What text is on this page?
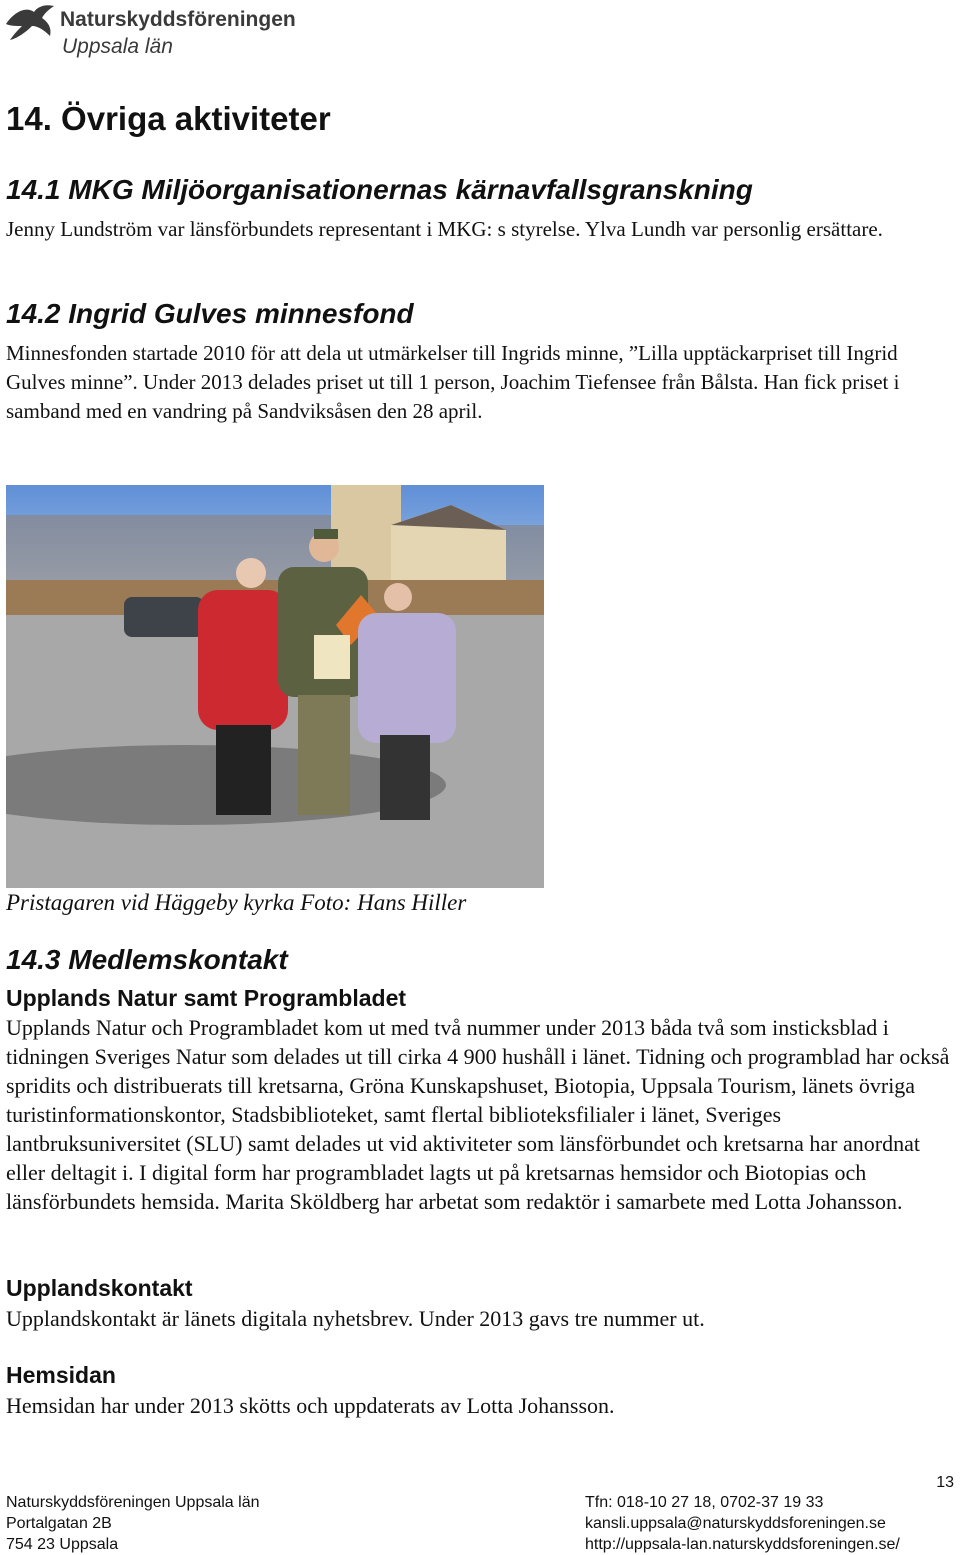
Naturskyddsföreningen
Uppsala län
14. Övriga aktiviteter
14.1 MKG Miljöorganisationernas kärnavfallsgranskning

Jenny Lundström var länsförbundets representant i MKG: s styrelse. Ylva Lundh var personlig ersättare.

14.2 Ingrid Gulves minnesfond

Minnesfonden startade 2010 för att dela ut utmärkelser till Ingrids minne, ”Lilla upptäckarpriset till Ingrid Gulves minne”. Under 2013 delades priset ut till 1 person, Joachim Tiefensee från Bålsta. Han fick priset i samband med en vandring på Sandviksåsen den 28 april.

Pristagaren vid Häggeby kyrka Foto: Hans Hiller
14.3 Medlemskontakt
Upplands Natur samt Programbladet

Upplands Natur och Programbladet kom ut med två nummer under 2013 båda två som insticksblad i tidningen Sveriges Natur som delades ut till cirka 4 900 hushåll i länet. Tidning och programblad har också spridits och distribuerats till kretsarna, Gröna Kunskapshuset, Biotopia, Uppsala Tourism, länets övriga turistinformationskontor, Stadsbiblioteket, samt flertal biblioteksfilialer i länet, Sveriges lantbruksuniversitet (SLU) samt delades ut vid aktiviteter som länsförbundet och kretsarna har anordnat eller deltagit i. I digital form har programbladet lagts ut på kretsarnas hemsidor och Biotopias och länsförbundets hemsida. Marita Sköldberg har arbetat som redaktör i samarbete med Lotta Johansson.

Upplandskontakt

Upplandskontakt är länets digitala nyhetsbrev. Under 2013 gavs tre nummer ut.

Hemsidan

Hemsidan har under 2013 skötts och uppdaterats av Lotta Johansson.

13
Naturskyddsföreningen Uppsala län
Portalgatan 2B
754 23 Uppsala
Tfn: 018-10 27 18, 0702-37 19 33
kansli.uppsala@naturskyddsforeningen.se
http://uppsala-lan.naturskyddsforeningen.se/
